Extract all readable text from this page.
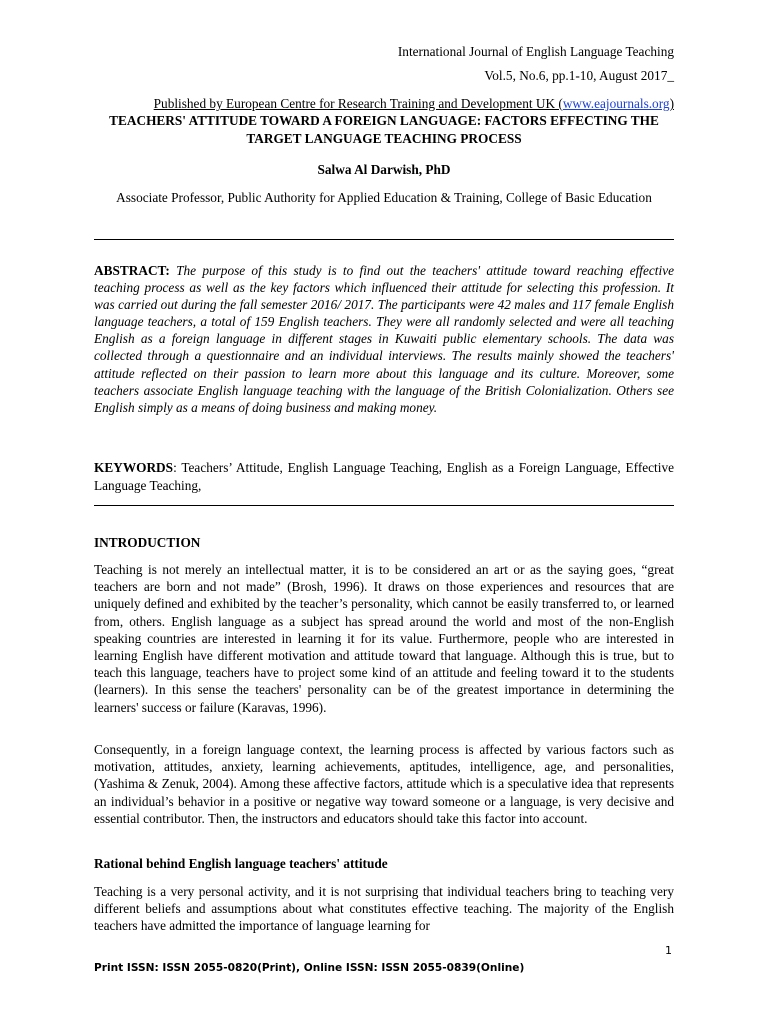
International Journal of English Language Teaching
Vol.5, No.6, pp.1-10, August 2017_
Published by European Centre for Research Training and Development UK (www.eajournals.org)
TEACHERS' ATTITUDE TOWARD A FOREIGN LANGUAGE: FACTORS EFFECTING THE TARGET LANGUAGE TEACHING PROCESS
Salwa Al Darwish, PhD
Associate Professor, Public Authority for Applied Education & Training, College of Basic Education
ABSTRACT: The purpose of this study is to find out the teachers' attitude toward reaching effective teaching process as well as the key factors which influenced their attitude for selecting this profession. It was carried out during the fall semester 2016/ 2017. The participants were 42 males and 117 female English language teachers, a total of 159 English teachers. They were all randomly selected and were all teaching English as a foreign language in different stages in Kuwaiti public elementary schools. The data was collected through a questionnaire and an individual interviews. The results mainly showed the teachers' attitude reflected on their passion to learn more about this language and its culture. Moreover, some teachers associate English language teaching with the language of the British Colonialization. Others see English simply as a means of doing business and making money.
KEYWORDS: Teachers’ Attitude, English Language Teaching, English as a Foreign Language, Effective Language Teaching,
INTRODUCTION

Teaching is not merely an intellectual matter, it is to be considered an art or as the saying goes, “great teachers are born and not made” (Brosh, 1996). It draws on those experiences and resources that are uniquely defined and exhibited by the teacher’s personality, which cannot be easily transferred to, or learned from, others. English language as a subject has spread around the world and most of the non-English speaking countries are interested in learning it for its value. Furthermore, people who are interested in learning English have different motivation and attitude toward that language. Although this is true, but to teach this language, teachers have to project some kind of an attitude and feeling toward it to the students (learners). In this sense the teachers' personality can be of the greatest importance in determining the learners' success or failure (Karavas, 1996).

Consequently, in a foreign language context, the learning process is affected by various factors such as motivation, attitudes, anxiety, learning achievements, aptitudes, intelligence, age, and personalities, (Yashima & Zenuk, 2004). Among these affective factors, attitude which is a speculative idea that represents an individual’s behavior in a positive or negative way toward someone or a language, is very decisive and essential contributor. Then, the instructors and educators should take this factor into account.

Rational behind English language teachers' attitude

Teaching is a very personal activity, and it is not surprising that individual teachers bring to teaching very different beliefs and assumptions about what constitutes effective teaching. The majority of the English teachers have admitted the importance of language learning for

1
Print ISSN: ISSN 2055-0820(Print), Online ISSN: ISSN 2055-0839(Online)
